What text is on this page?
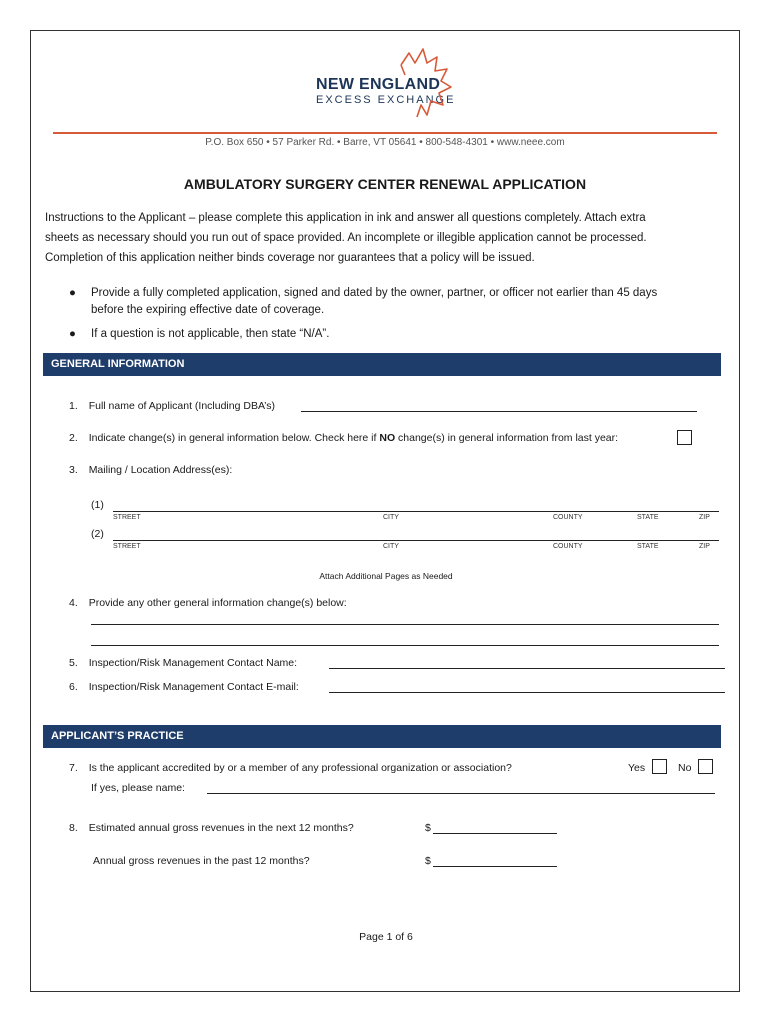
NEW ENGLAND
EXCESS EXCHANGE
P.O. Box 650 • 57 Parker Rd. • Barre, VT 05641 • 800-548-4301 • www.neee.com
AMBULATORY SURGERY CENTER RENEWAL APPLICATION
Instructions to the Applicant – please complete this application in ink and answer all questions completely. Attach extra
sheets as necessary should you run out of space provided. An incomplete or illegible application cannot be processed.
Completion of this application neither binds coverage nor guarantees that a policy will be issued.
● Provide a fully completed application, signed and dated by the owner, partner, or officer not earlier than 45 days
before the expiring effective date of coverage.
● If a question is not applicable, then state “N/A”.
GENERAL INFORMATION
1. Full name of Applicant (Including DBA’s)
2. Indicate change(s) in general information below. Check here if NO change(s) in general information from last year:
3. Mailing / Location Address(es):
(1)
STREET	CITY	COUNTY	STATE	ZIP
(2)
STREET	CITY	COUNTY	STATE	ZIP
Attach Additional Pages as Needed
4. Provide any other general information change(s) below:
5. Inspection/Risk Management Contact Name:
6. Inspection/Risk Management Contact E-mail:
APPLICANT’S PRACTICE
7. Is the applicant accredited by or a member of any professional organization or association?	Yes	No
If yes, please name:
8. Estimated annual gross revenues in the next 12 months?	$
Annual gross revenues in the past 12 months?	$
Page 1 of 6
